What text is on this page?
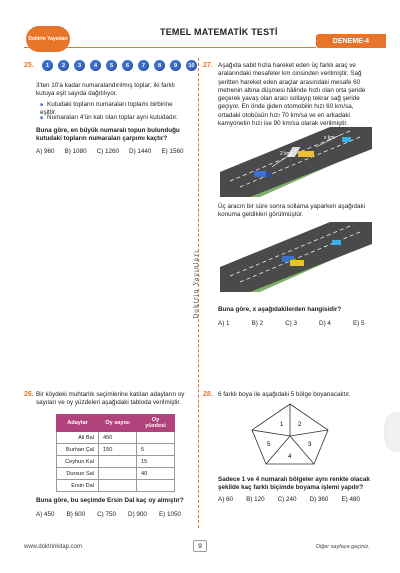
Doktrin Yayınları
TEMEL MATEMATİK TESTİ
DENEME-4
Doktrin Yayınları
25.	1	2	3	4	5	6	7	8	9	10
3'ten 10'a kadar numaralandırılmış toplar; iki farklı kutuya eşit sayıda dağıtılıyor.
■ Kutudaki topların numaraları toplamı birbirine eşittir.
■ Numaraları 4'ün katı olan toplar aynı kutudadır.
Buna göre, en büyük numaralı topun bulunduğu kutudaki topların numaraları çarpımı kaçtır?
A) 960 B) 1080 C) 1260 D) 1440 E) 1560
27. Aşağıda sabit hızla hareket eden üç farklı araç ve aralarındaki mesafeler km cinsinden verilmiştir. Sağ şeritten hareket eden araçlar arasındaki mesafe 60 metrenin altına düşmesi hâlinde hızlı olan orta şeride geçerek yavaş olan aracı sollayıp tekrar sağ şeride geçiyor. En önde giden otomobilin hızı 60 km/sa, ortadaki otobüsün hızı 70 km/sa ve en arkadaki kamyonetin hızı ise 90 km/sa olarak verilmiştir.
2 km
x km
Üç aracın bir süre sonra sollama yaparken aşağıdaki konuma geldikleri görülmüştür.
Buna göre, x aşağıdakilerden hangisidir?
A) 1	B) 2	C) 3	D) 4	E) 5
26. Bir köydeki muhtarlık seçimlerine katılan adayların oy sayıları ve oy yüzdeleri aşağıdaki tabloda verilmiştir.
Adaylar	Oy sayısı	Oy yüzdesi
Ali Bal	450	
Burhan Çal	150	5
Ceyhun Kal		15
Dursun Sal		40
Ersin Dal		
Buna göre, bu seçimde Ersin Dal kaç oy almıştır?
A) 450 B) 600 C) 750 D) 900 E) 1050
28. 6 farklı boya ile aşağıdaki 5 bölge boyanacaktır.
1 2
3
4
5
Sadece 1 ve 4 numaralı bölgeler aynı renkte olacak şekilde kaç farklı biçimde boyama işlemi yapılır?
A) 60 B) 120 C) 240 D) 360 E) 480
www.doktrinkitap.com	9	Diğer sayfaya geçiniz.
